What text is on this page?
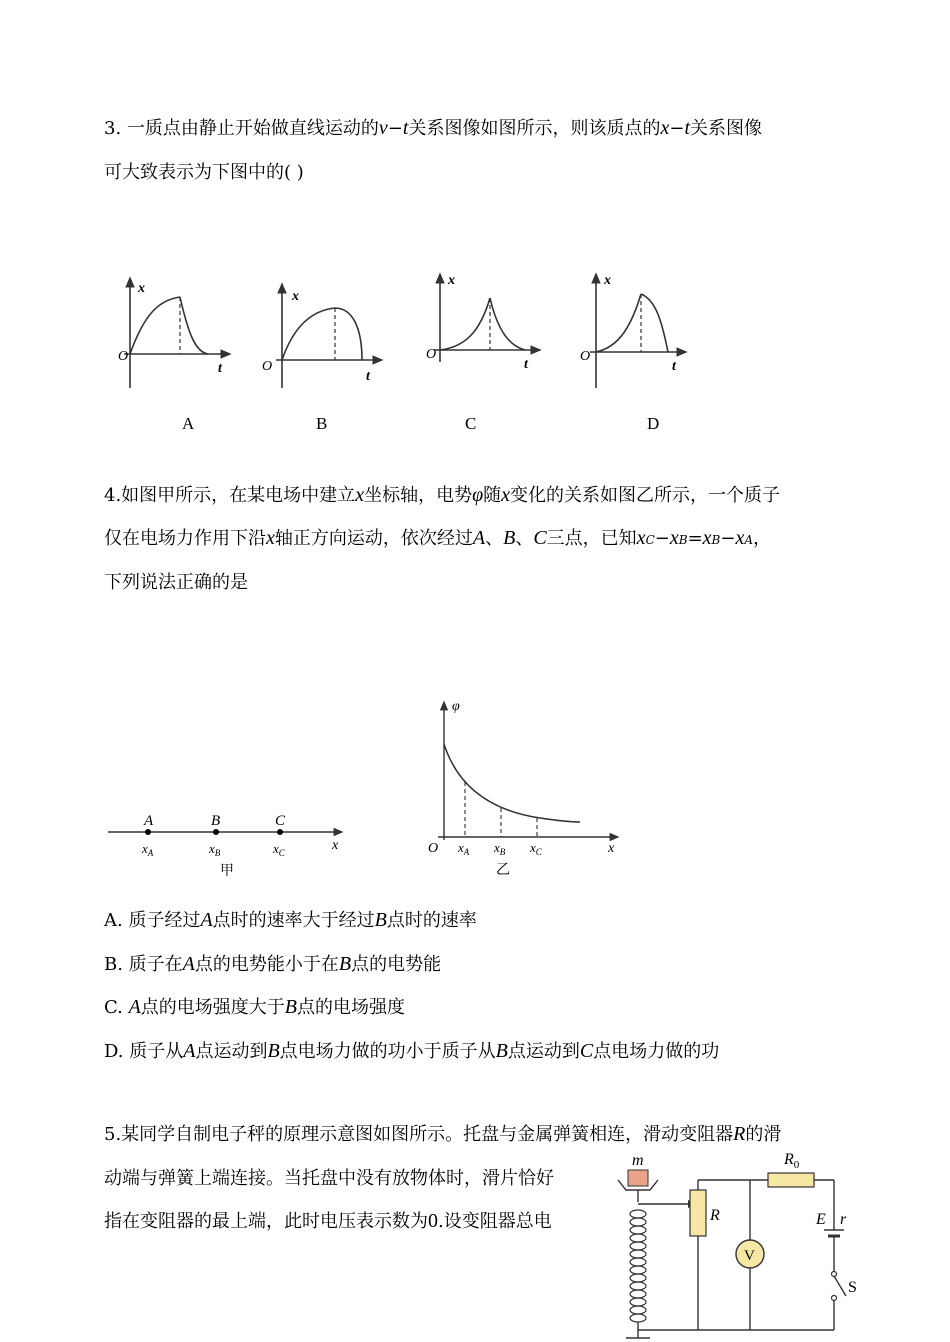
3. 一质点由静止开始做直线运动的v−t关系图像如图所示，则该质点的x−t关系图像
可大致表示为下图中的( )
x
O
t
x
O
t
x
O
t
x
O
t
A	B	C	D
4.如图甲所示，在某电场中建立x坐标轴，电势φ随x变化的关系如图乙所示，一个质子
仅在电场力作用下沿x轴正方向运动，依次经过A、B、C三点，已知xC−xB=xB−xA，
下列说法正确的是
A	B	C
$x_A$	$x_B$	$x_C$	x
甲
φ
O $x_A$ $x_B$ $x_C$	x
乙
A. 质子经过A点时的速率大于经过B点时的速率
B. 质子在A点的电势能小于在B点的电势能
C. A点的电场强度大于B点的电场强度
D. 质子从A点运动到B点电场力做的功小于质子从B点运动到C点电场力做的功
5.某同学自制电子秤的原理示意图如图所示。托盘与金属弹簧相连，滑动变阻器R的滑
动端与弹簧上端连接。当托盘中没有放物体时，滑片恰好
指在变阻器的最上端，此时电压表示数为0.设变阻器总电
m
R
$R_0$
V
E r
S
